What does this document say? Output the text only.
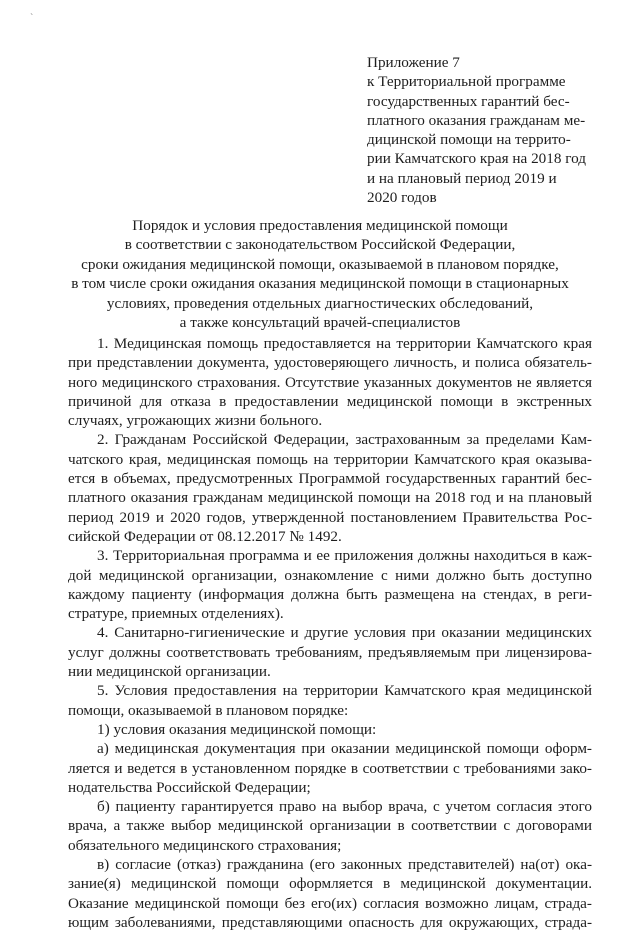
`
Приложение 7
к Территориальной программе
государственных гарантий бес-
платного оказания гражданам ме-
дицинской помощи на террито-
рии Камчатского края на 2018 год
и на плановый период 2019 и
2020 годов
Порядок и условия предоставления медицинской помощи
в соответствии с законодательством Российской Федерации,
сроки ожидания медицинской помощи, оказываемой в плановом порядке,
в том числе сроки ожидания оказания медицинской помощи в стационарных
условиях, проведения отдельных диагностических обследований,
а также консультаций врачей-специалистов
1. Медицинская помощь предоставляется на территории Камчатского края
при представлении документа, удостоверяющего личность, и полиса обязатель-
ного медицинского страхования. Отсутствие указанных документов не является
причиной для отказа в предоставлении медицинской помощи в экстренных
случаях, угрожающих жизни больного.
2. Гражданам Российской Федерации, застрахованным за пределами Кам-
чатского края, медицинская помощь на территории Камчатского края оказыва-
ется в объемах, предусмотренных Программой государственных гарантий бес-
платного оказания гражданам медицинской помощи на 2018 год и на плановый
период 2019 и 2020 годов, утвержденной постановлением Правительства Рос-
сийской Федерации от 08.12.2017 № 1492.
3. Территориальная программа и ее приложения должны находиться в каж-
дой медицинской организации, ознакомление с ними должно быть доступно
каждому пациенту (информация должна быть размещена на стендах, в реги-
стратуре, приемных отделениях).
4. Санитарно-гигиенические и другие условия при оказании медицинских
услуг должны соответствовать требованиям, предъявляемым при лицензирова-
нии медицинской организации.
5. Условия предоставления на территории Камчатского края медицинской
помощи, оказываемой в плановом порядке:
1) условия оказания медицинской помощи:
а) медицинская документация при оказании медицинской помощи оформ-
ляется и ведется в установленном порядке в соответствии с требованиями зако-
нодательства Российской Федерации;
б) пациенту гарантируется право на выбор врача, с учетом согласия этого
врача, а также выбор медицинской организации в соответствии с договорами
обязательного медицинского страхования;
в) согласие (отказ) гражданина (его законных представителей) на(от) ока-
зание(я) медицинской помощи оформляется в медицинской документации.
Оказание медицинской помощи без его(их) согласия возможно лицам, страда-
ющим заболеваниями, представляющими опасность для окружающих, страда-
